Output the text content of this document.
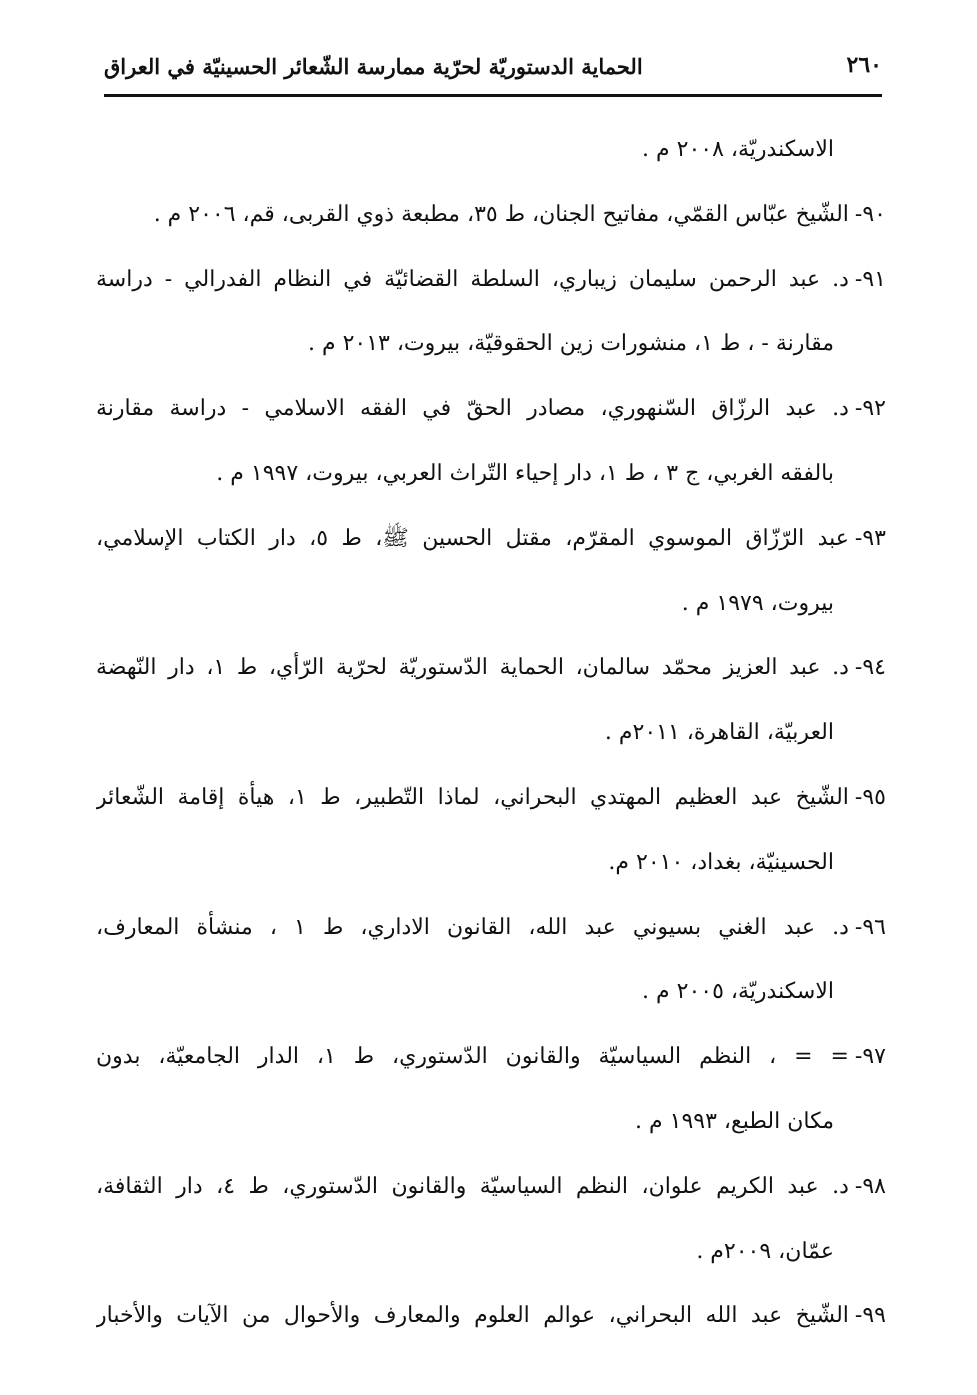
٢٦٠
الحماية الدستوريّة لحرّية ممارسة الشّعائر الحسينيّة في العراق
الاسكندريّة، ٢٠٠٨ م .
٩٠-الشّيخ عبّاس القمّي، مفاتيح الجنان، ط ٣٥، مطبعة ذوي القربى، قم، ٢٠٠٦ م .
٩١-د. عبد الرحمن سليمان زيباري، السلطة القضائيّة في النظام الفدرالي - دراسة
مقارنة - ، ط ١، منشورات زين الحقوقيّة، بيروت، ٢٠١٣ م .
٩٢-د. عبد الرزّاق السّنهوري، مصادر الحقّ في الفقه الاسلامي - دراسة مقارنة
بالفقه الغربي، ج ٣ ، ط ١، دار إحياء التّراث العربي، بيروت، ١٩٩٧ م .
٩٣-عبد الرّزّاق الموسوي المقرّم، مقتل الحسين ﷺ، ط ٥، دار الكتاب الإسلامي،
بيروت، ١٩٧٩ م .
٩٤-د. عبد العزيز محمّد سالمان، الحماية الدّستوريّة لحرّية الرّأي، ط ١، دار النّهضة
العربيّة، القاهرة، ٢٠١١م .
٩٥-الشّيخ عبد العظيم المهتدي البحراني، لماذا التّطبير، ط ١، هيأة إقامة الشّعائر
الحسينيّة، بغداد، ٢٠١٠ م.
٩٦-د. عبد الغني بسيوني عبد الله، القانون الاداري، ط ١ ، منشأة المعارف،
الاسكندريّة، ٢٠٠٥ م .
٩٧-= = ، النظم السياسيّة والقانون الدّستوري، ط ١، الدار الجامعيّة، بدون
مكان الطبع، ١٩٩٣ م .
٩٨-د. عبد الكريم علوان، النظم السياسيّة والقانون الدّستوري، ط ٤، دار الثقافة،
عمّان، ٢٠٠٩م .
٩٩-الشّيخ عبد الله البحراني، عوالم العلوم والمعارف والأحوال من الآيات والأخبار
